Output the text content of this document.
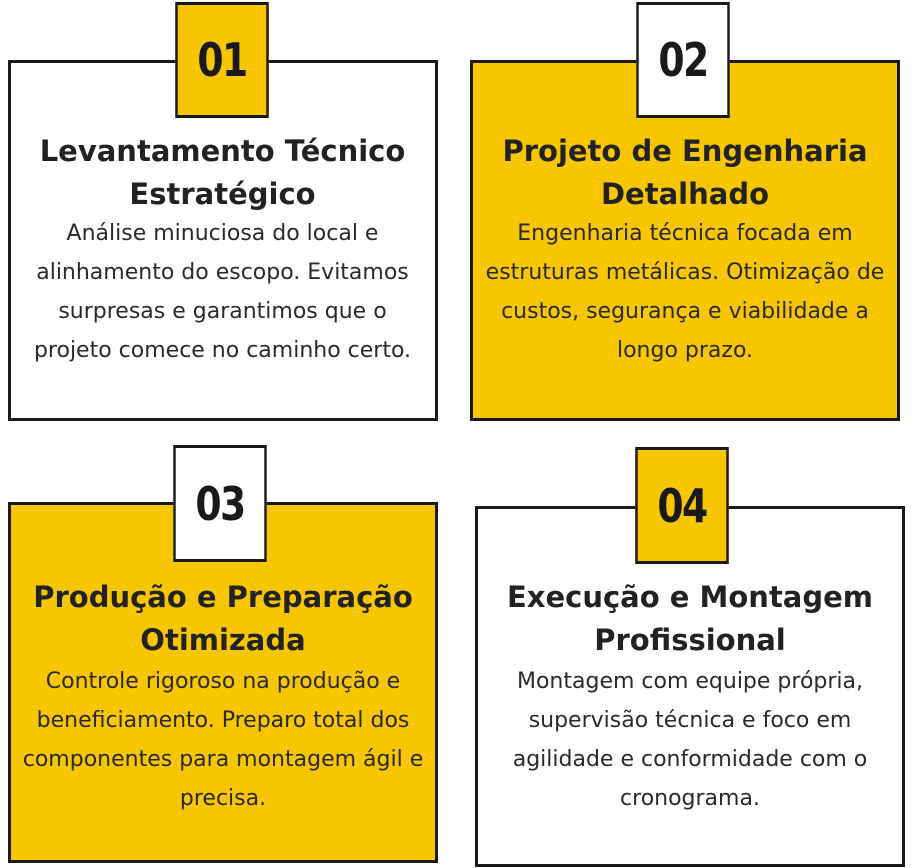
Levantamento Técnico Estratégico
Análise minuciosa do local e alinhamento do escopo. Evitamos surpresas e garantimos que o projeto comece no caminho certo.
01
Projeto de Engenharia Detalhado
Engenharia técnica focada em estruturas metálicas. Otimização de custos, segurança e viabilidade a longo prazo.
02
Produção e Preparação Otimizada
Controle rigoroso na produção e beneficiamento. Preparo total dos componentes para montagem ágil e precisa.
03
Execução e Montagem Profissional
Montagem com equipe própria, supervisão técnica e foco em agilidade e conformidade com o cronograma.
04
